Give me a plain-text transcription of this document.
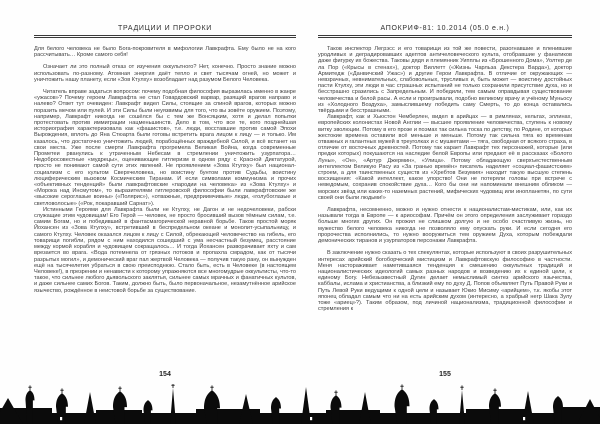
ТРАДИЦИИ И ПРОРОКИ

Для белого человека не было Бога-покровителя в мифологии Лавкрафта. Ему было не на кого рассчитывать… Кроме самого себя!

Означает ли это полный отказ от изучения оккультного? Нет, конечно. Просто знание можно использовать по-разному. Атомная энергия даёт тепло и свет тысячам огней, но может и уничтожить нашу планету, если «Зов Ктулху» возобладает над разумом Белого Человека.

Читатель вправе задаться вопросом: почему подобная философия выразилась именно в жанре «ужасов»? Почему героем Лавкрафта не стал Говардовский варвар, разящий врагов направо и налево? Ответ тут очевиден: Лавкрафт видел Силы, стоящие за спиной врагов, которых можно поразить мечом или пулей. И эти Силы были неуязвимы для того, что вы зовёте оружием. Поэтому, например, Лавкрафт никогда не сошёлся бы с тем же Вонсяцким, хотя и делал попытки протестовать против иммиграции нацменьшинств. Дело в том, что все те, кого позднейшая историография характеризовала как «фашистов», т.е. люди, восставшие против самой Эпохи Вырождения, вплоть до Яна Стюарта были готовы встретить врага лицом к лицу — и только. Им казалось, что достаточно уничтожить людей, порабощённых враждебной Силой, и всё встанет на свои места. Уже после смерти Лавкрафта прогремела Великая Война, когда современные Прометеи рванулись к утраченным Небесам в стремлении уничтожить узурпатора… Недобросовестные «мудрецы», оценивающие гитлеризм в одном ряду с Красной Диктатурой, просто не понимают самой сути этих явлений. Не проявлением «Зова Ктулху» был национал-социализм с его культом Сверхчеловека, но воистину бунтом против Судьбы, воистину люциферическим вызовом Космическим Тиранам. И если символами коммунизма и прочих «объективных тенденций» были лавкрафтовские «пародии на человека» из «Зова Ктулху» и «Морока над Инсмутом», то выразителями гитлеровской философии были лавкрафтовские же «высокие сероглазые воины» («Полярис»), «отважные, предприимчивые» люди, «голубоглазые и светловолосые» («Рок, покаравший Сарнат»).

Истинными Героями для Лавкрафта были не Ктулху, не Дагон и не недочеловеки, рабски служащие этим чудовищам! Его Герой — человек, не просто бросивший вызов тёмным силам, т.е. самим Богам, но и победивший в фантасмагорической неравной борьбе. Таков простой моряк Йохансен из «Зова Ктулху», встретивший в беспредельном океане и монолит-усыпальницу, и самого Ктулху. Человек оказался лицом к лицу с Силой, обрекающей человечество на гибель, его товарищи погибли, рядом с ним находился сошедший с ума несчастный безумец, расстояние между кормой корабля и чудовищем сокращалось… И тогда Йохансен разворачивает яхту и сам врезается во врага. «Вода потемнела от грязных потоков и пропахла смрадом, как от тысячи разрытых могил», и демонический враг пал жертвой Человека — получив такую рану, он вынужден ещё на тысячелетия убраться в свою преисподнюю. Стало быть, есть в Человеке (в настоящем Человеке!), в презрении и ненависти к которому упражняются все многомудрые оккультисты, что-то такое, что сильнее любого дьявольского заклятья, сильнее самых мрачных и фанатичных культов, и даже сильнее самих Богов. Таким, должно быть, было первоначальное, незамутнённое арийское язычество, рождённое в неистовой борьбе за существование.

154
АПОКРИФ-81: 10.2014 (05.0 е.н.)

Таков инспектор Легрэсс и его товарищи из той же повести, разогнавшие и пленившие уродливых и деградировавших адептов античеловеческого культа, отобравшие у фанатиков даже фигурку их божества. Таковы дядя и племянник Уипплы из «Брошенного Дома», Уолтер де ла Пор («Крысы в стенах»), доктор Виллетт («Жизнь Чарльза Декстера Варда»), доктор Армитедж («Данвичский Ужас») и другие Герои Лавкрафта. В отличие от окружающих — невзрачных, невнимательных, слабовольных, трусливых и, быть может — воистину достойных пасти Ктулху, эти люди в час страшных испытаний не только сохранили присутствие духа, но и бесстрашно сразились с Запредельным. И победили, тем самым оправдывая существование человечества и белой расы. А если и проигрывали, подобно великому врачу и учёному Муньосу из «Холодного Воздуха», замыслившему победить саму Смерть, то до конца оставались твёрдыми и бесстрашными.

Лавкрафт, как и Хьюстон Чемберлен, видел в арийцах — в римлянах, кельтах, эллинах, европейских колонистах Новой Англии — высшее проявление человечества, ступень к новому витку эволюции. Потому в его прозе и поэмах так сильна тоска по детству, по Родине, от которых жестокие времена оставили всё меньше и меньше. Потому так сильна тяга ко временам отважных и галантных мужей в треуголках и с мушкетами — тяга, свободная от всякого страха, в отличие от восточных древностей. Потому так карает Лавкрафт тех персонажей, которые (или предки которых) покушаются на наследие белой Европы или предают её в рассказах «Болото Луны», «Он», «Артур Джермин», «Улица». Потому обладающую сверхъестественным интеллектом Великую Расу из «За гранью времён» писатель наделяет «социал-фашистским» строем, а для таинственных существ из «Хребтов Безумия» находит такую высшую степень восхищения: «Какой интеллект, какое упорство! Они не потеряли головы при встрече с неведомым, сохранив спокойствие духа… Кого бы они ни напоминали внешним обликом — морских звёзд или каких-то наземных растений, мифических чудовищ или инопланетян, по сути своей они были людьми!»

Лавкрафта, несомненно, можно и нужно отнести к националистам-мистикам, или, как их называли тогда в Европе — к ариософам. Причём он этого определения заслуживает гораздо больше многих других. Он прожил не слишком долгую и не особо счастливую жизнь, но мужество белого человека никогда не позволяло ему опускать руки. И если сегодня его пророчества исполнились, то нужно вооружиться тем оружием Духа, которым побеждали демонических тиранов и узурпаторов персонажи Лавкрафта.

В заключение нужно сказать о тех спекулянтах, которые используют в своих разрушительных интересах арийский богоборческий мистицизм и Лавкрафтовскую философию в частности. Меня настораживает наметившаяся тенденция к смешению оккультных традиций и националистических идеологий самых разных народов и возведению их к единой цели, к единому Богу. Небезызвестный Дугин делает немыслимый синтез арийского язычества, каббалы, ислама и христианства, а близкий ему по духу Д. Попов объявляет Путь Правой Руки и Путь Левой Руки ведущими к одной цели и называет Юкио Мисиму «арийцем», т.к. якобы этот японец обладал самым что ни на есть арийским духом (интересно, а храбрый негр Шака Зулу тоже «ариец»?). Таким образом, под личиной национализма, традиционной философии и стремления к

155
